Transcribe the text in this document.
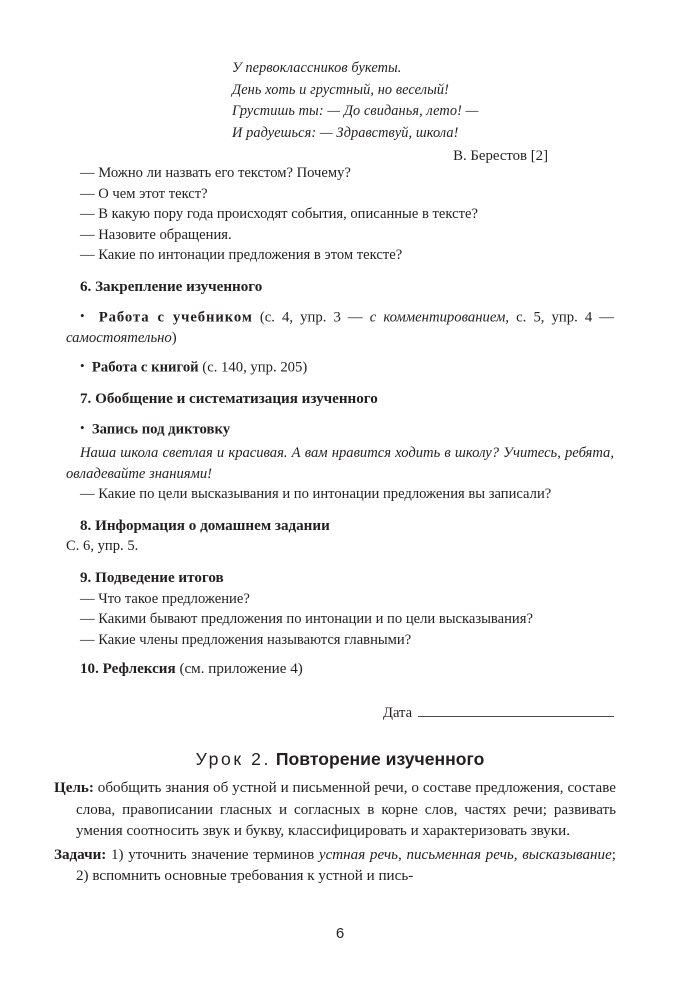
У первоклассников букеты.
День хоть и грустный, но веселый!
Грустишь ты: — До свиданья, лето! —
И радуешься: — Здравствуй, школа!
В. Берестов [2]
— Можно ли назвать его текстом? Почему?
— О чем этот текст?
— В какую пору года происходят события, описанные в тексте?
— Назовите обращения.
— Какие по интонации предложения в этом тексте?
6. Закрепление изученного
• Работа с учебником (с. 4, упр. 3 — с комментированием, с. 5, упр. 4 — самостоятельно)
• Работа с книгой (с. 140, упр. 205)
7. Обобщение и систематизация изученного
• Запись под диктовку
Наша школа светлая и красивая. А вам нравится ходить в школу? Учитесь, ребята, овладевайте знаниями!
— Какие по цели высказывания и по интонации предложения вы записали?
8. Информация о домашнем задании
С. 6, упр. 5.
9. Подведение итогов
— Что такое предложение?
— Какими бывают предложения по интонации и по цели высказывания?
— Какие члены предложения называются главными?
10. Рефлексия (см. приложение 4)
Дата
Урок 2. Повторение изученного
Цель: обобщить знания об устной и письменной речи, о составе предложения, составе слова, правописании гласных и согласных в корне слов, частях речи; развивать умения соотносить звук и букву, классифицировать и характеризовать звуки.
Задачи: 1) уточнить значение терминов устная речь, письменная речь, высказывание; 2) вспомнить основные требования к устной и пись-
6
